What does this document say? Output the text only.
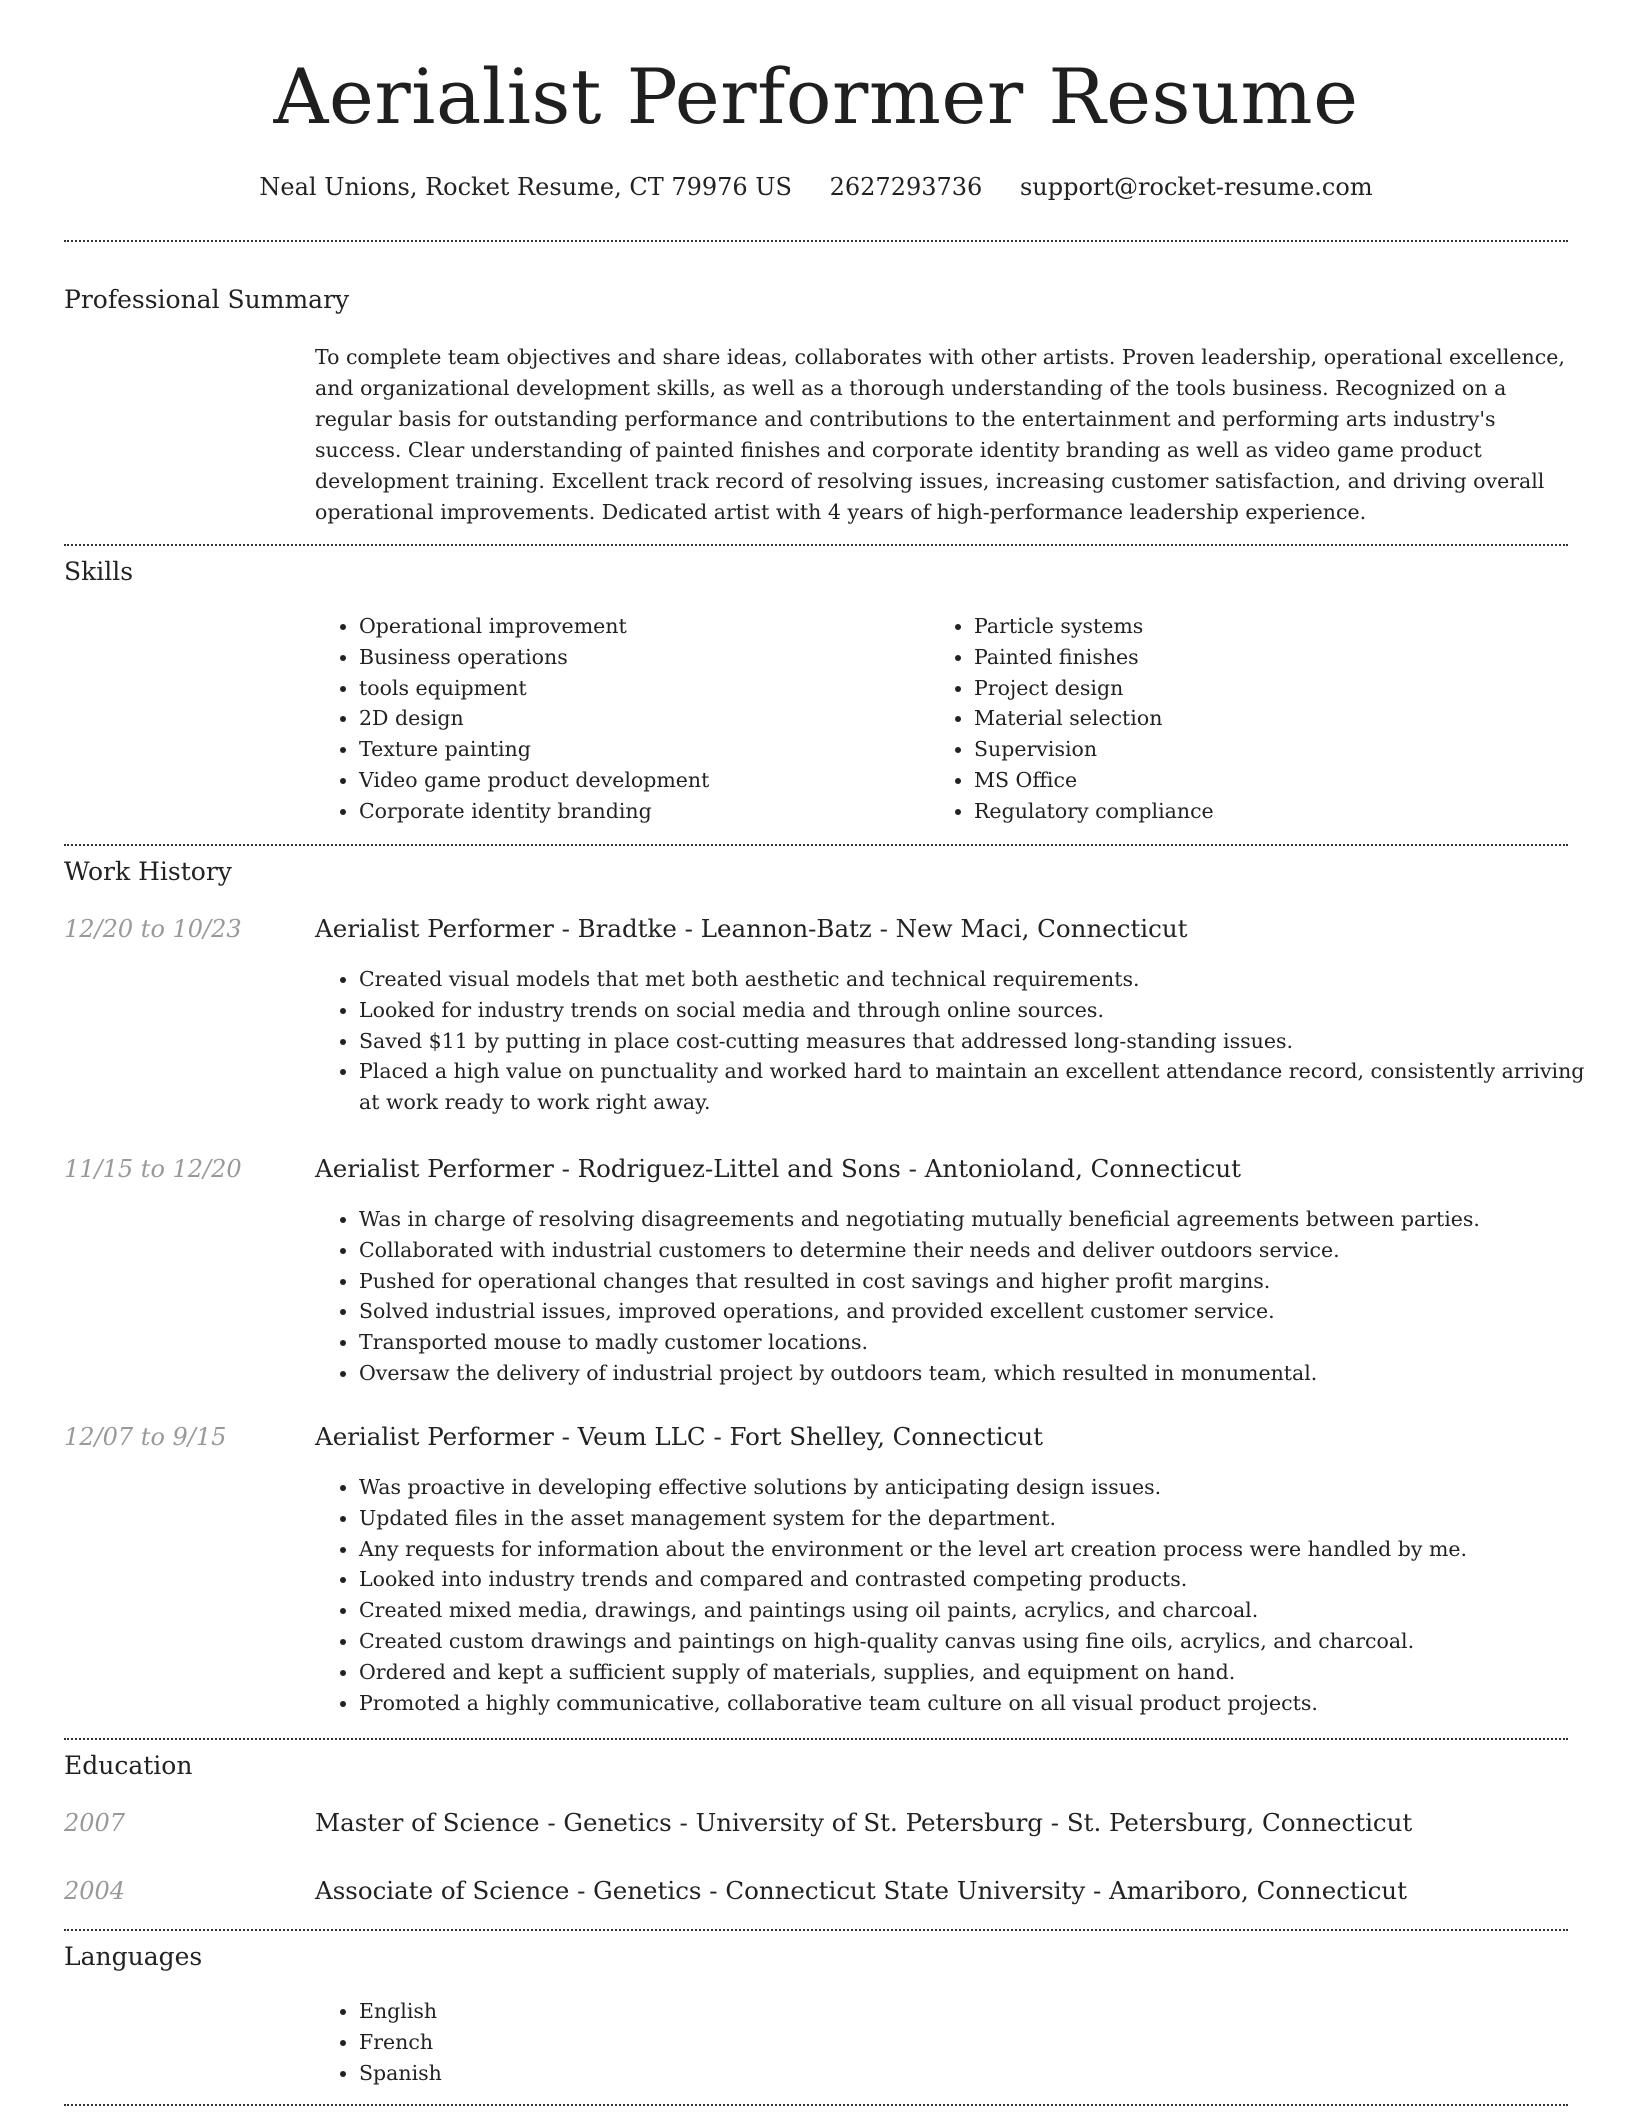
Aerialist Performer Resume
Neal Unions, Rocket Resume, CT 79976 US 2627293736 support@rocket-resume.com
Professional Summary

To complete team objectives and share ideas, collaborates with other artists. Proven leadership, operational excellence, and organizational development skills, as well as a thorough understanding of the tools business. Recognized on a regular basis for outstanding performance and contributions to the entertainment and performing arts industry's success. Clear understanding of painted finishes and corporate identity branding as well as video game product development training. Excellent track record of resolving issues, increasing customer satisfaction, and driving overall operational improvements. Dedicated artist with 4 years of high-performance leadership experience.

Skills
• Operational improvement
• Business operations
• tools equipment
• 2D design
• Texture painting
• Video game product development
• Corporate identity branding
• Particle systems
• Painted finishes
• Project design
• Material selection
• Supervision
• MS Office
• Regulatory compliance
Work History
12/20 to 10/23	Aerialist Performer - Bradtke - Leannon-Batz - New Maci, Connecticut
• Created visual models that met both aesthetic and technical requirements.
• Looked for industry trends on social media and through online sources.
• Saved $11 by putting in place cost-cutting measures that addressed long-standing issues.
• Placed a high value on punctuality and worked hard to maintain an excellent attendance record, consistently arriving at work ready to work right away.
11/15 to 12/20	Aerialist Performer - Rodriguez-Littel and Sons - Antonioland, Connecticut
• Was in charge of resolving disagreements and negotiating mutually beneficial agreements between parties.
• Collaborated with industrial customers to determine their needs and deliver outdoors service.
• Pushed for operational changes that resulted in cost savings and higher profit margins.
• Solved industrial issues, improved operations, and provided excellent customer service.
• Transported mouse to madly customer locations.
• Oversaw the delivery of industrial project by outdoors team, which resulted in monumental.
12/07 to 9/15	Aerialist Performer - Veum LLC - Fort Shelley, Connecticut
• Was proactive in developing effective solutions by anticipating design issues.
• Updated files in the asset management system for the department.
• Any requests for information about the environment or the level art creation process were handled by me.
• Looked into industry trends and compared and contrasted competing products.
• Created mixed media, drawings, and paintings using oil paints, acrylics, and charcoal.
• Created custom drawings and paintings on high-quality canvas using fine oils, acrylics, and charcoal.
• Ordered and kept a sufficient supply of materials, supplies, and equipment on hand.
• Promoted a highly communicative, collaborative team culture on all visual product projects.
Education
2007	Master of Science - Genetics - University of St. Petersburg - St. Petersburg, Connecticut
2004	Associate of Science - Genetics - Connecticut State University - Amariboro, Connecticut
Languages
• English
• French
• Spanish
